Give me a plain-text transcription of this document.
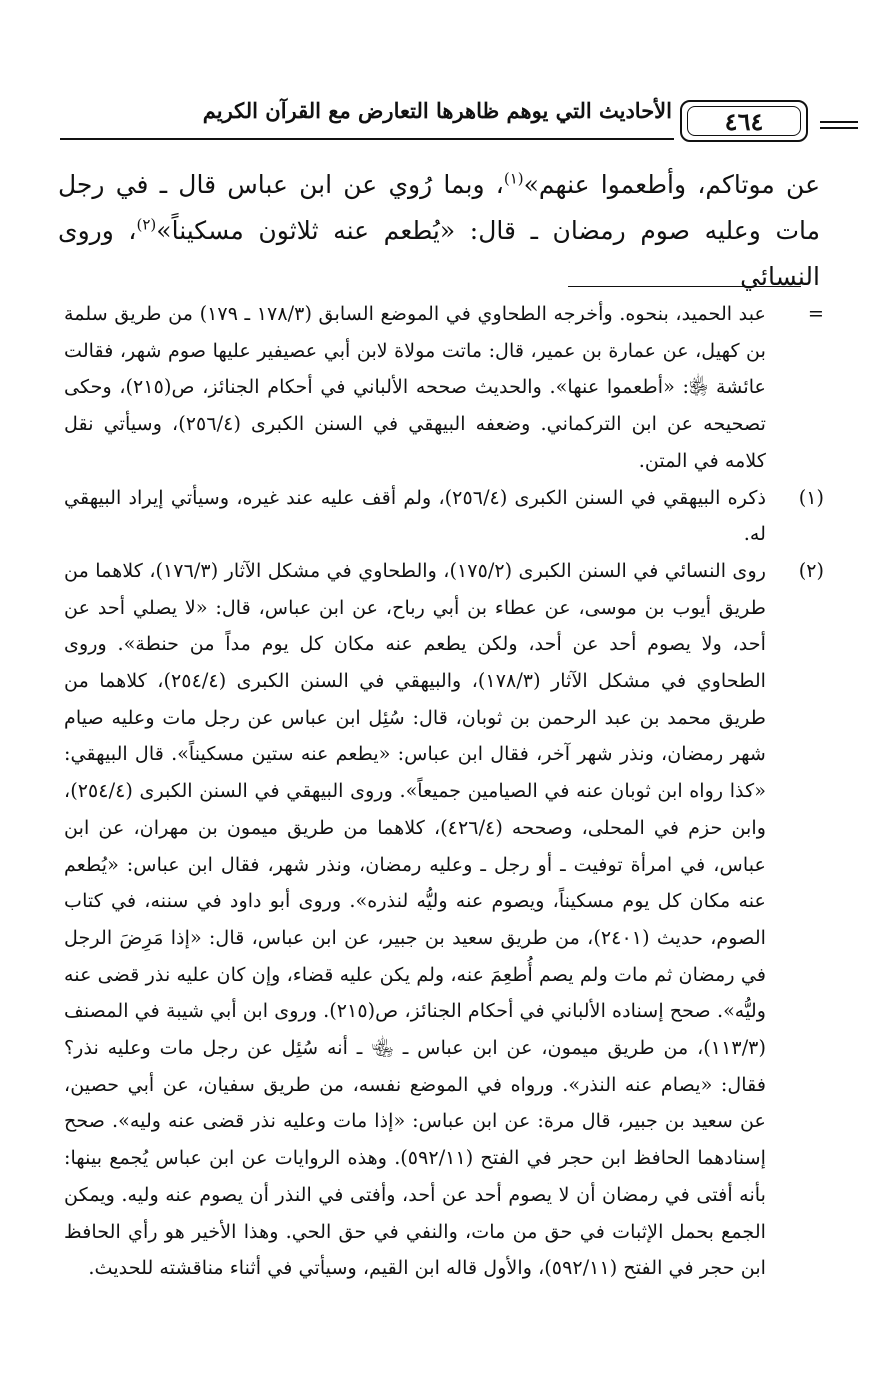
٤٦٤
الأحاديث التي يوهم ظاهرها التعارض مع القرآن الكريم

عن موتاكم، وأطعموا عنهم»$^{(١)}$، وبما رُوي عن ابن عباس قال ـ في رجل مات وعليه صوم رمضان ـ قال: «يُطعم عنه ثلاثون مسكيناً»$^{(٢)}$، وروى النسائي

=
عبد الحميد، بنحوه. وأخرجه الطحاوي في الموضع السابق (١٧٨/٣ ـ ١٧٩) من طريق سلمة بن كهيل، عن عمارة بن عمير، قال: ماتت مولاة لابن أبي عصيفير عليها صوم شهر، فقالت عائشة ﵂: «أطعموا عنها». والحديث صححه الألباني في أحكام الجنائز، ص(٢١٥)، وحكى تصحيحه عن ابن التركماني. وضعفه البيهقي في السنن الكبرى (٢٥٦/٤)، وسيأتي نقل كلامه في المتن.
(١)
ذكره البيهقي في السنن الكبرى (٢٥٦/٤)، ولم أقف عليه عند غيره، وسيأتي إيراد البيهقي له.
(٢)
روى النسائي في السنن الكبرى (١٧٥/٢)، والطحاوي في مشكل الآثار (١٧٦/٣)، كلاهما من طريق أيوب بن موسى، عن عطاء بن أبي رباح، عن ابن عباس، قال: «لا يصلي أحد عن أحد، ولا يصوم أحد عن أحد، ولكن يطعم عنه مكان كل يوم مداً من حنطة». وروى الطحاوي في مشكل الآثار (١٧٨/٣)، والبيهقي في السنن الكبرى (٢٥٤/٤)، كلاهما من طريق محمد بن عبد الرحمن بن ثوبان، قال: سُئِل ابن عباس عن رجل مات وعليه صيام شهر رمضان، ونذر شهر آخر، فقال ابن عباس: «يطعم عنه ستين مسكيناً». قال البيهقي: «كذا رواه ابن ثوبان عنه في الصيامين جميعاً». وروى البيهقي في السنن الكبرى (٢٥٤/٤)، وابن حزم في المحلى، وصححه (٤٢٦/٤)، كلاهما من طريق ميمون بن مهران، عن ابن عباس، في امرأة توفيت ـ أو رجل ـ وعليه رمضان، ونذر شهر، فقال ابن عباس: «يُطعم عنه مكان كل يوم مسكيناً، ويصوم عنه وليُّه لنذره». وروى أبو داود في سننه، في كتاب الصوم، حديث (٢٤٠١)، من طريق سعيد بن جبير، عن ابن عباس، قال: «إذا مَرِضَ الرجل في رمضان ثم مات ولم يصم أُطعِمَ عنه، ولم يكن عليه قضاء، وإن كان عليه نذر قضى عنه وليُّه». صحح إسناده الألباني في أحكام الجنائز، ص(٢١٥). وروى ابن أبي شيبة في المصنف (١١٣/٣)، من طريق ميمون، عن ابن عباس ـ ﵄ ـ أنه سُئِل عن رجل مات وعليه نذر؟ فقال: «يصام عنه النذر». ورواه في الموضع نفسه، من طريق سفيان، عن أبي حصين، عن سعيد بن جبير، قال مرة: عن ابن عباس: «إذا مات وعليه نذر قضى عنه وليه». صحح إسنادهما الحافظ ابن حجر في الفتح (٥٩٢/١١). وهذه الروايات عن ابن عباس يُجمع بينها: بأنه أفتى في رمضان أن لا يصوم أحد عن أحد، وأفتى في النذر أن يصوم عنه وليه. ويمكن الجمع بحمل الإثبات في حق من مات، والنفي في حق الحي. وهذا الأخير هو رأي الحافظ ابن حجر في الفتح (٥٩٢/١١)، والأول قاله ابن القيم، وسيأتي في أثناء مناقشته للحديث.
